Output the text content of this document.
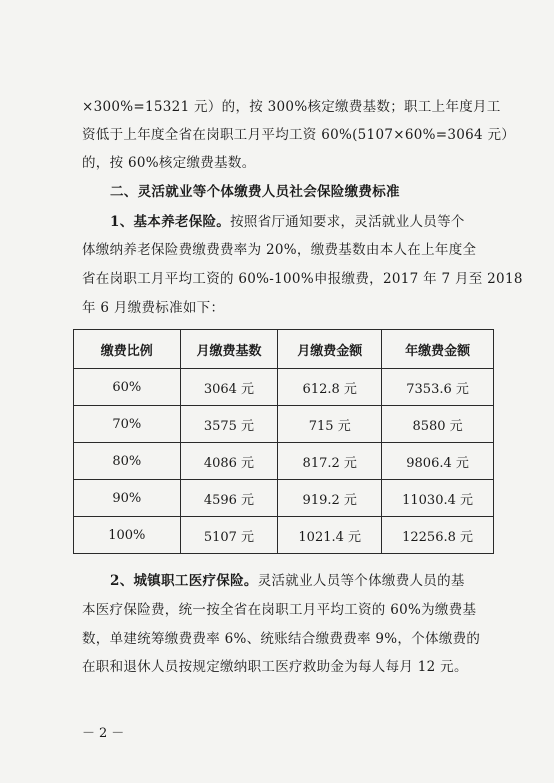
×300%=15321 元）的，按 300%核定缴费基数；职工上年度月工
资低于上年度全省在岗职工月平均工资 60%(5107×60%=3064 元）
的，按 60%核定缴费基数。
二、灵活就业等个体缴费人员社会保险缴费标准
1、基本养老保险。按照省厅通知要求，灵活就业人员等个
体缴纳养老保险费缴费费率为 20%，缴费基数由本人在上年度全
省在岗职工月平均工资的 60%-100%申报缴费，2017 年 7 月至 2018
年 6 月缴费标准如下：
缴费比例	月缴费基数	月缴费金额	年缴费金额
60%	3064 元	612.8 元	7353.6 元
70%	3575 元	715 元	8580 元
80%	4086 元	817.2 元	9806.4 元
90%	4596 元	919.2 元	11030.4 元
100%	5107 元	1021.4 元	12256.8 元
2、城镇职工医疗保险。灵活就业人员等个体缴费人员的基
本医疗保险费，统一按全省在岗职工月平均工资的 60%为缴费基
数，单建统筹缴费费率 6%、统账结合缴费费率 9%，个体缴费的
在职和退休人员按规定缴纳职工医疗救助金为每人每月 12 元。
－2－
